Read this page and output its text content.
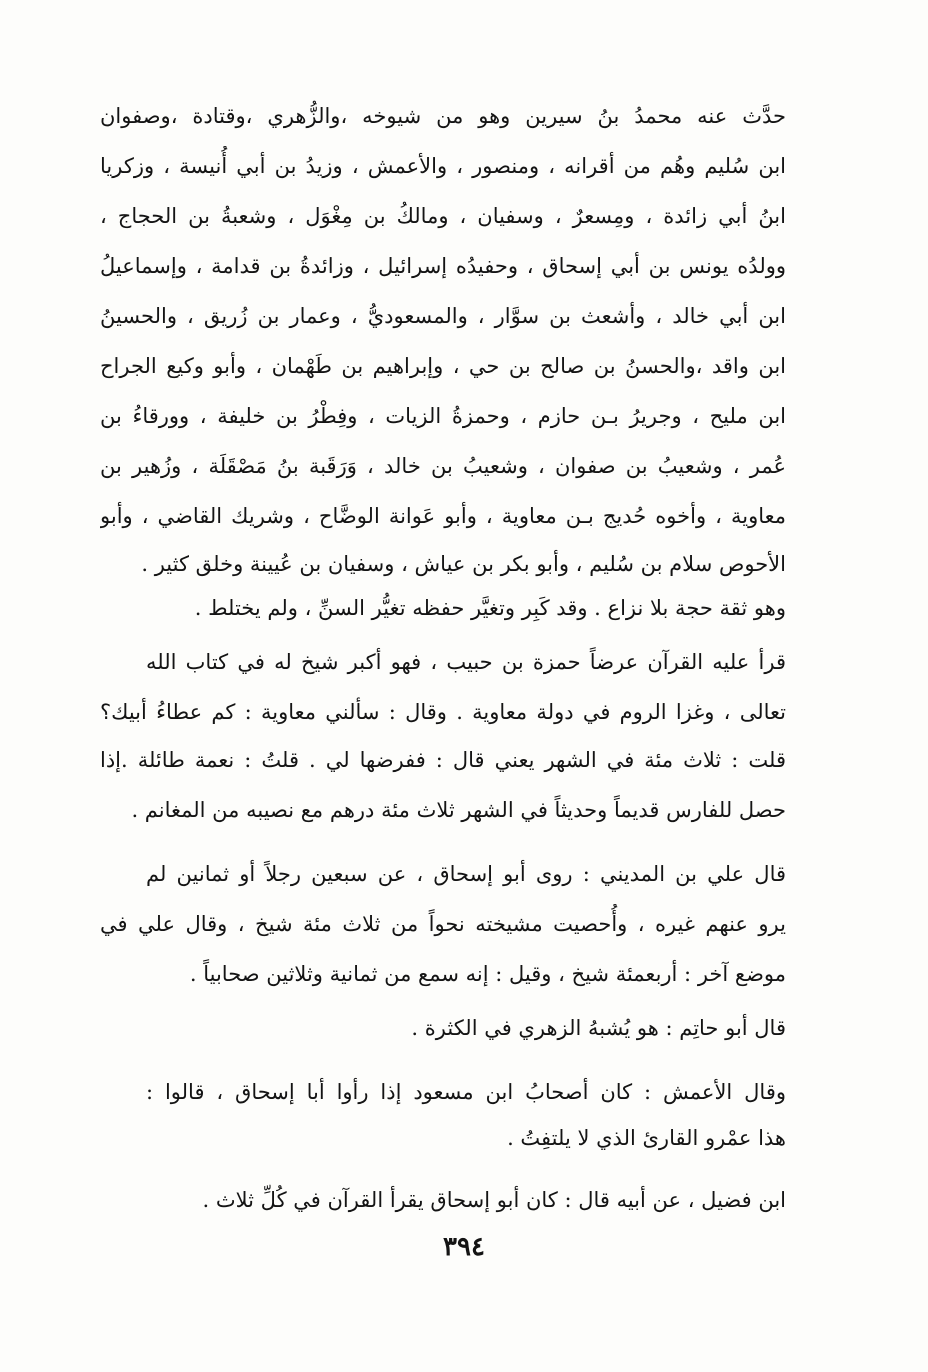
حدَّث عنه محمدُ بنُ سيرين وهو من شيوخه ،والزُّهري ،وقتادة ،وصفوان
ابن سُليم وهُم من أقرانه ، ومنصور ، والأعمش ، وزيدُ بن أبي أُنيسة ، وزكريا
ابنُ أبي زائدة ، ومِسعرٌ ، وسفيان ، ومالكُ بن مِغْوَل ، وشعبةُ بن الحجاج ،
وولدُه يونس بن أبي إسحاق ، وحفيدُه إسرائيل ، وزائدةُ بن قدامة ، وإسماعيلُ
ابن أبي خالد ، وأشعث بن سوَّار ، والمسعوديُّ ، وعمار بن زُريق ، والحسينُ
ابن واقد ،والحسنُ بن صالح بن حي ، وإبراهيم بن طَهْمان ، وأبو وكيع الجراح
ابن مليح ، وجريرُ بـن حازم ، وحمزةُ الزيات ، وفِطْرُ بن خليفة ، وورقاءُ بن
عُمر ، وشعيبُ بن صفوان ، وشعيبُ بن خالد ، وَرَقَبة بنُ مَصْقَلَة ، وزُهير بن
معاوية ، وأخوه حُديج بـن معاوية ، وأبو عَوانة الوضَّاح ، وشريك القاضي ، وأبو
الأحوص سلام بن سُليم ، وأبو بكر بن عياش ، وسفيان بن عُيينة وخلق كثير .
وهو ثقة حجة بلا نزاع . وقد كَبِر وتغيَّر حفظه تغيُّر السنِّ ، ولم يختلط .
قرأ عليه القرآن عرضاً حمزة بن حبيب ، فهو أكبر شيخ له في كتاب الله
تعالى ، وغزا الروم في دولة معاوية . وقال : سألني معاوية : كم عطاءُ أبيك؟
قلت : ثلاث مئة في الشهر يعني قال : ففرضها لي . قلتُ : نعمة طائلة .إذا
حصل للفارس قديماً وحديثاً في الشهر ثلاث مئة درهم مع نصيبه من المغانم .
قال علي بن المديني : روى أبو إسحاق ، عن سبعين رجلاً أو ثمانين لم
يرو عنهم غيره ، وأُحصيت مشيخته نحواً من ثلاث مئة شيخ ، وقال علي في
موضع آخر : أربعمئة شيخ ، وقيل : إنه سمع من ثمانية وثلاثين صحابياً .
قال أبو حاتِم : هو يُشبهُ الزهري في الكثرة .
وقال الأعمش : كان أصحابُ ابن مسعود إذا رأوا أبا إسحاق ، قالوا :
هذا عمْرو القارئ الذي لا يلتفِتُ .
ابن فضيل ، عن أبيه قال : كان أبو إسحاق يقرأ القرآن في كُلِّ ثلاث .
٣٩٤
